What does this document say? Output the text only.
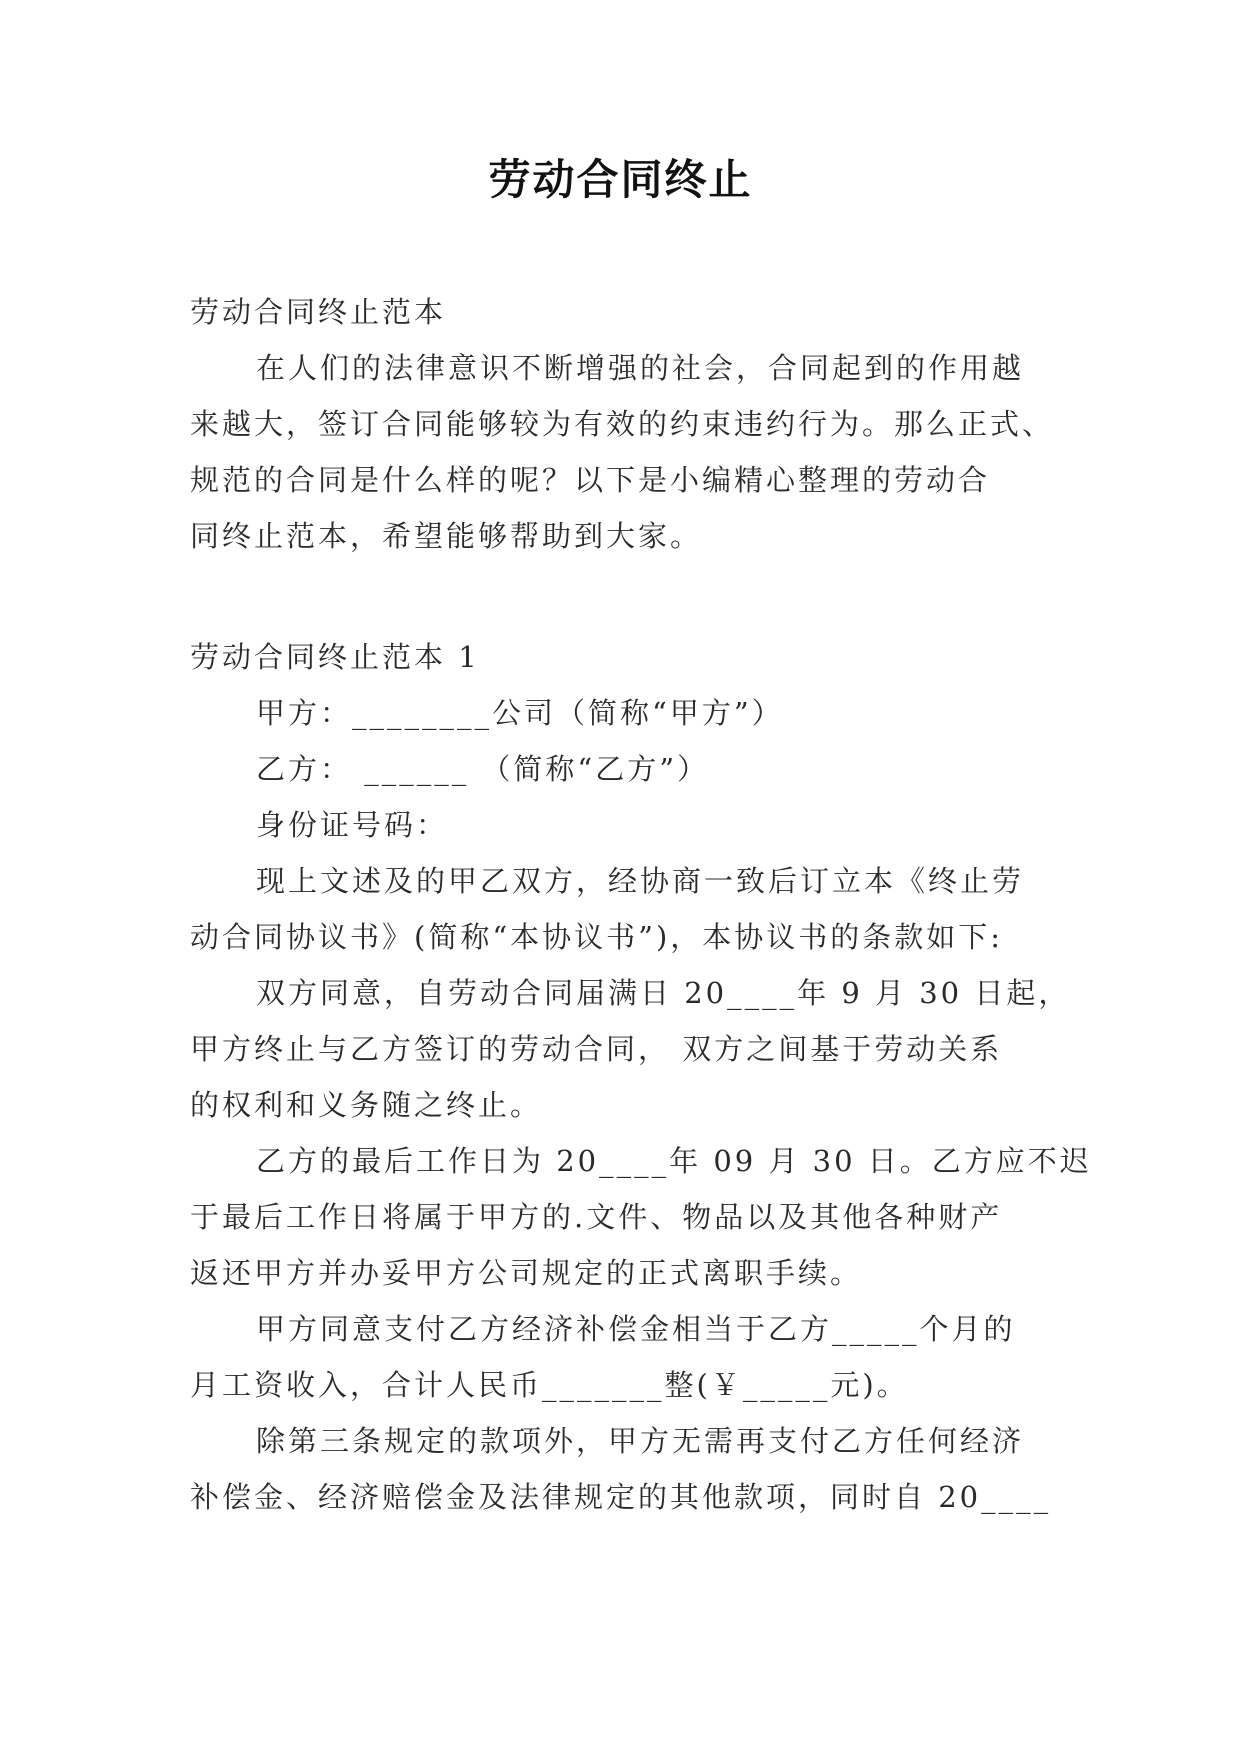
劳动合同终止
劳动合同终止范本
在人们的法律意识不断增强的社会，合同起到的作用越
来越大，签订合同能够较为有效的约束违约行为。那么正式、
规范的合同是什么样的呢？以下是小编精心整理的劳动合
同终止范本，希望能够帮助到大家。
劳动合同终止范本 1
甲方：________公司（简称“甲方”）
乙方： ______ （简称“乙方”）
身份证号码：
现上文述及的甲乙双方，经协商一致后订立本《终止劳
动合同协议书》(简称“本协议书”)，本协议书的条款如下:
双方同意，自劳动合同届满日 20____年 9 月 30 日起，
甲方终止与乙方签订的劳动合同， 双方之间基于劳动关系
的权利和义务随之终止。
乙方的最后工作日为 20____年 09 月 30 日。乙方应不迟
于最后工作日将属于甲方的.文件、物品以及其他各种财产
返还甲方并办妥甲方公司规定的正式离职手续。
甲方同意支付乙方经济补偿金相当于乙方_____个月的
月工资收入，合计人民币_______整(￥_____元)。
除第三条规定的款项外，甲方无需再支付乙方任何经济
补偿金、经济赔偿金及法律规定的其他款项，同时自 20____
